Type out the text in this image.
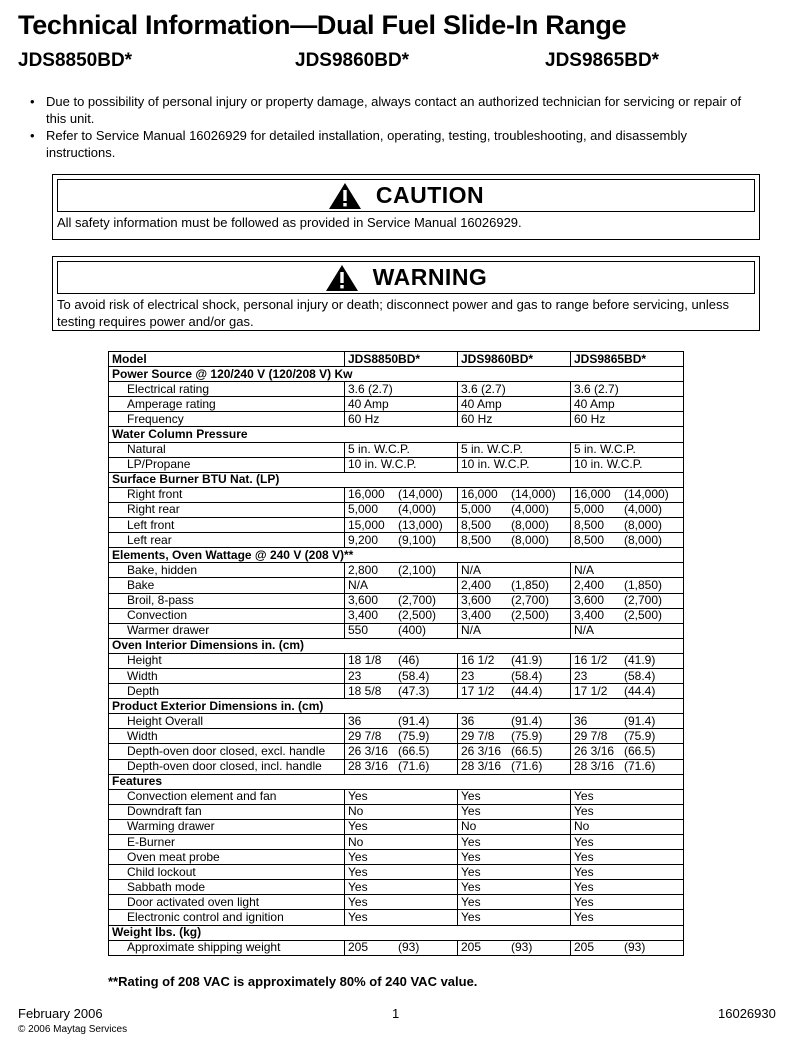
Technical Information—Dual Fuel Slide-In Range
JDS8850BD*	JDS9860BD*	JDS9865BD*
• Due to possibility of personal injury or property damage, always contact an authorized technician for servicing or repair of this unit.
• Refer to Service Manual 16026929 for detailed installation, operating, testing, troubleshooting, and disassembly instructions.
CAUTION
All safety information must be followed as provided in Service Manual 16026929.
WARNING
To avoid risk of electrical shock, personal injury or death; disconnect power and gas to range before servicing, unless testing requires power and/or gas.
Model	JDS8850BD*	JDS9860BD*	JDS9865BD*
Power Source @ 120/240 V (120/208 V) Kw			
Electrical rating	3.6 (2.7)	3.6 (2.7)	3.6 (2.7)
Amperage rating	40 Amp	40 Amp	40 Amp
Frequency	60 Hz	60 Hz	60 Hz
Water Column Pressure			
Natural	5 in. W.C.P.	5 in. W.C.P.	5 in. W.C.P.
LP/Propane	10 in. W.C.P.	10 in. W.C.P.	10 in. W.C.P.
Surface Burner BTU Nat. (LP)			
Right front	16,000 (14,000)	16,000 (14,000)	16,000 (14,000)
Right rear	5,000 (4,000)	5,000 (4,000)	5,000 (4,000)
Left front	15,000 (13,000)	8,500 (8,000)	8,500 (8,000)
Left rear	9,200 (9,100)	8,500 (8,000)	8,500 (8,000)
Elements, Oven Wattage @ 240 V (208 V)**			
Bake, hidden	2,800 (2,100)	N/A	N/A
Bake	N/A	2,400 (1,850)	2,400 (1,850)
Broil, 8-pass	3,600 (2,700)	3,600 (2,700)	3,600 (2,700)
Convection	3,400 (2,500)	3,400 (2,500)	3,400 (2,500)
Warmer drawer	550 (400)	N/A	N/A
Oven Interior Dimensions in. (cm)			
Height	18 1/8 (46)	16 1/2 (41.9)	16 1/2 (41.9)
Width	23 (58.4)	23 (58.4)	23 (58.4)
Depth	18 5/8 (47.3)	17 1/2 (44.4)	17 1/2 (44.4)
Product Exterior Dimensions in. (cm)			
Height Overall	36 (91.4)	36 (91.4)	36 (91.4)
Width	29 7/8 (75.9)	29 7/8 (75.9)	29 7/8 (75.9)
Depth-oven door closed, excl. handle	26 3/16 (66.5)	26 3/16 (66.5)	26 3/16 (66.5)
Depth-oven door closed, incl. handle	28 3/16 (71.6)	28 3/16 (71.6)	28 3/16 (71.6)
Features			
Convection element and fan	Yes	Yes	Yes
Downdraft fan	No	Yes	Yes
Warming drawer	Yes	No	No
E-Burner	No	Yes	Yes
Oven meat probe	Yes	Yes	Yes
Child lockout	Yes	Yes	Yes
Sabbath mode	Yes	Yes	Yes
Door activated oven light	Yes	Yes	Yes
Electronic control and ignition	Yes	Yes	Yes
Weight lbs. (kg)			
Approximate shipping weight	205 (93)	205 (93)	205 (93)
**Rating of 208 VAC is approximately 80% of 240 VAC value.
February 2006	1	16026930
© 2006 Maytag Services
